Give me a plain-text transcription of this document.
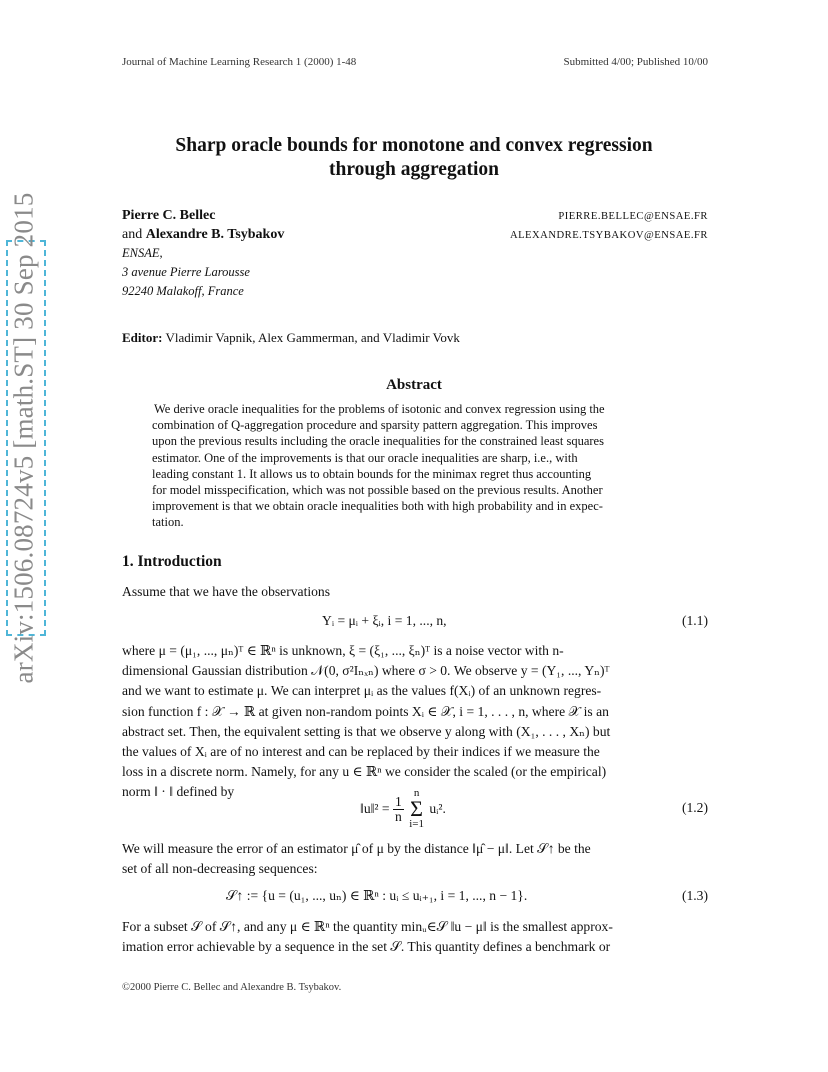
arXiv:1506.08724v5 [math.ST] 30 Sep 2015
Journal of Machine Learning Research 1 (2000) 1-48	Submitted 4/00; Published 10/00
Sharp oracle bounds for monotone and convex regression
through aggregation
Pierre C. Bellec
and Alexandre B. Tsybakov
PIERRE.BELLEC@ENSAE.FR
ALEXANDRE.TSYBAKOV@ENSAE.FR
ENSAE,
3 avenue Pierre Larousse
92240 Malakoff, France
Editor: Vladimir Vapnik, Alex Gammerman, and Vladimir Vovk
Abstract
We derive oracle inequalities for the problems of isotonic and convex regression using the
combination of Q-aggregation procedure and sparsity pattern aggregation. This improves
upon the previous results including the oracle inequalities for the constrained least squares
estimator. One of the improvements is that our oracle inequalities are sharp, i.e., with
leading constant 1. It allows us to obtain bounds for the minimax regret thus accounting
for model misspecification, which was not possible based on the previous results. Another
improvement is that we obtain oracle inequalities both with high probability and in expec-
tation.
1. Introduction
Assume that we have the observations
Yᵢ = μᵢ + ξᵢ, i = 1, ..., n,	(1.1)
where μ = (μ₁, ..., μₙ)ᵀ ∈ ℝⁿ is unknown, ξ = (ξ₁, ..., ξₙ)ᵀ is a noise vector with n-
dimensional Gaussian distribution 𝒩(0, σ²Iₙₓₙ) where σ > 0. We observe y = (Y₁, ..., Yₙ)ᵀ
and we want to estimate μ. We can interpret μᵢ as the values f(Xᵢ) of an unknown regres-
sion function f : 𝒳 → ℝ at given non-random points Xᵢ ∈ 𝒳, i = 1, . . . , n, where 𝒳 is an
abstract set. Then, the equivalent setting is that we observe y along with (X₁, . . . , Xₙ) but
the values of Xᵢ are of no interest and can be replaced by their indices if we measure the
loss in a discrete norm. Namely, for any u ∈ ℝⁿ we consider the scaled (or the empirical)
norm ‖ · ‖ defined by
‖u‖² = $\frac{1}{n}$

n
Σ
i=1
uᵢ².	(1.2)
We will measure the error of an estimator μ̂ of μ by the distance ‖μ̂ − μ‖. Let 𝒮↑ be the
set of all non-decreasing sequences:
𝒮↑ := {u = (u₁, ..., uₙ) ∈ ℝⁿ : uᵢ ≤ uᵢ₊₁, i = 1, ..., n − 1}.	(1.3)
For a subset 𝒮 of 𝒮↑, and any μ ∈ ℝⁿ the quantity minᵤ∈𝒮 ‖u − μ‖ is the smallest approx-
imation error achievable by a sequence in the set 𝒮. This quantity defines a benchmark or
©2000 Pierre C. Bellec and Alexandre B. Tsybakov.
